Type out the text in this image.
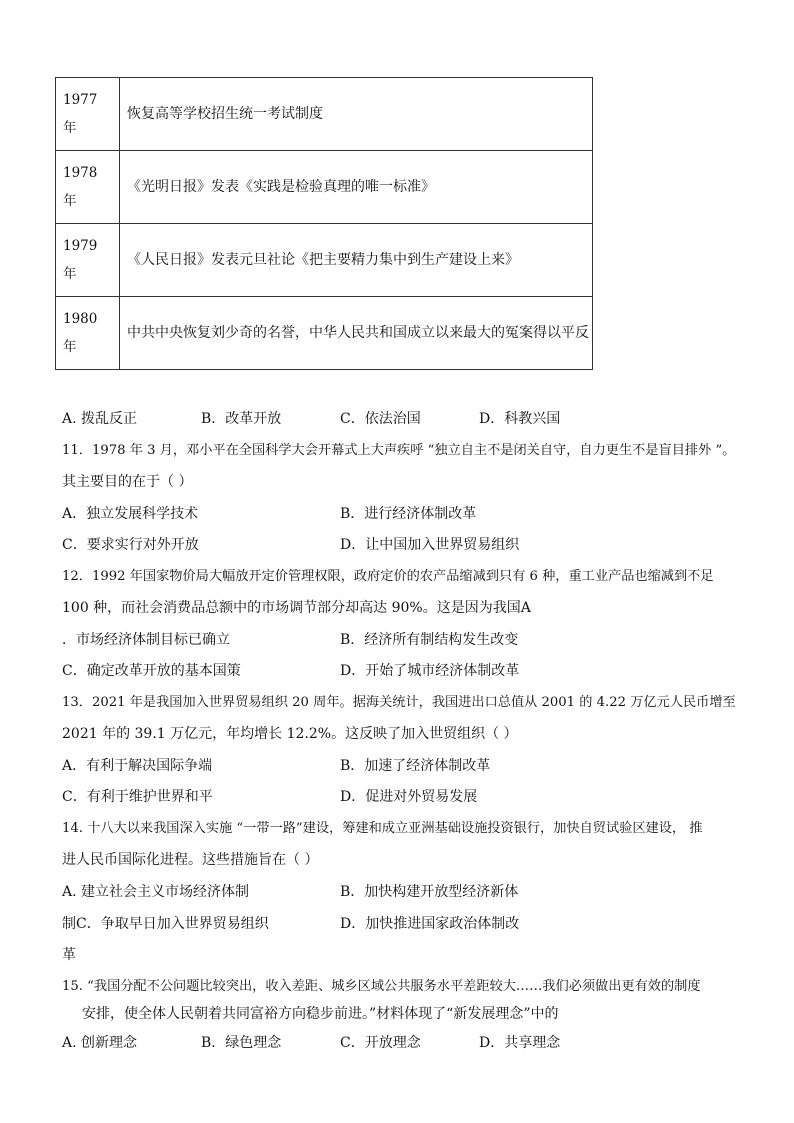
1977
年	恢复高等学校招生统一考试制度

1978
年	《光明日报》发表《实践是检验真理的唯一标准》

1979
年	《人民日报》发表元旦社论《把主要精力集中到生产建设上来》

1980
年	中共中央恢复刘少奇的名誉，中华人民共和国成立以来最大的冤案得以平反
A. 拨乱反正	B．改革开放	C．依法治国	D．科教兴国
11．1978 年 3 月，邓小平在全国科学大会开幕式上大声疾呼 “独立自主不是闭关自守，自力更生不是盲目排外 ”。
其主要目的在于（ ）
A．独立发展科学技术	B．进行经济体制改革
C．要求实行对外开放	D．让中国加入世界贸易组织
12．1992 年国家物价局大幅放开定价管理权限，政府定价的农产品缩减到只有 6 种，重工业产品也缩减到不足
100 种，而社会消费品总额中的市场调节部分却高达 90%。这是因为我国A
．市场经济体制目标已确立	B．经济所有制结构发生改变
C．确定改革开放的基本国策	D．开始了城市经济体制改革
13．2021 年是我国加入世界贸易组织 20 周年。据海关统计，我国进出口总值从 2001 的 4.22 万亿元人民币增至
2021 年的 39.1 万亿元，年均增长 12.2%。这反映了加入世贸组织（ ）
A．有利于解决国际争端	B．加速了经济体制改革
C．有利于维护世界和平	D．促进对外贸易发展
14. 十八大以来我国深入实施 “一带一路”建设，筹建和成立亚洲基础设施投资银行，加快自贸试验区建设， 推
进人民币国际化进程。这些措施旨在（ ）
A. 建立社会主义市场经济体制	B．加快构建开放型经济新体
制C．争取早日加入世界贸易组织	D．加快推进国家政治体制改
革
15. “我国分配不公问题比较突出，收入差距、城乡区域公共服务水平差距较大……我们必须做出更有效的制度
安排，使全体人民朝着共同富裕方向稳步前进。”材料体现了“新发展理念”中的
A. 创新理念	B．绿色理念	C．开放理念	D．共享理念
